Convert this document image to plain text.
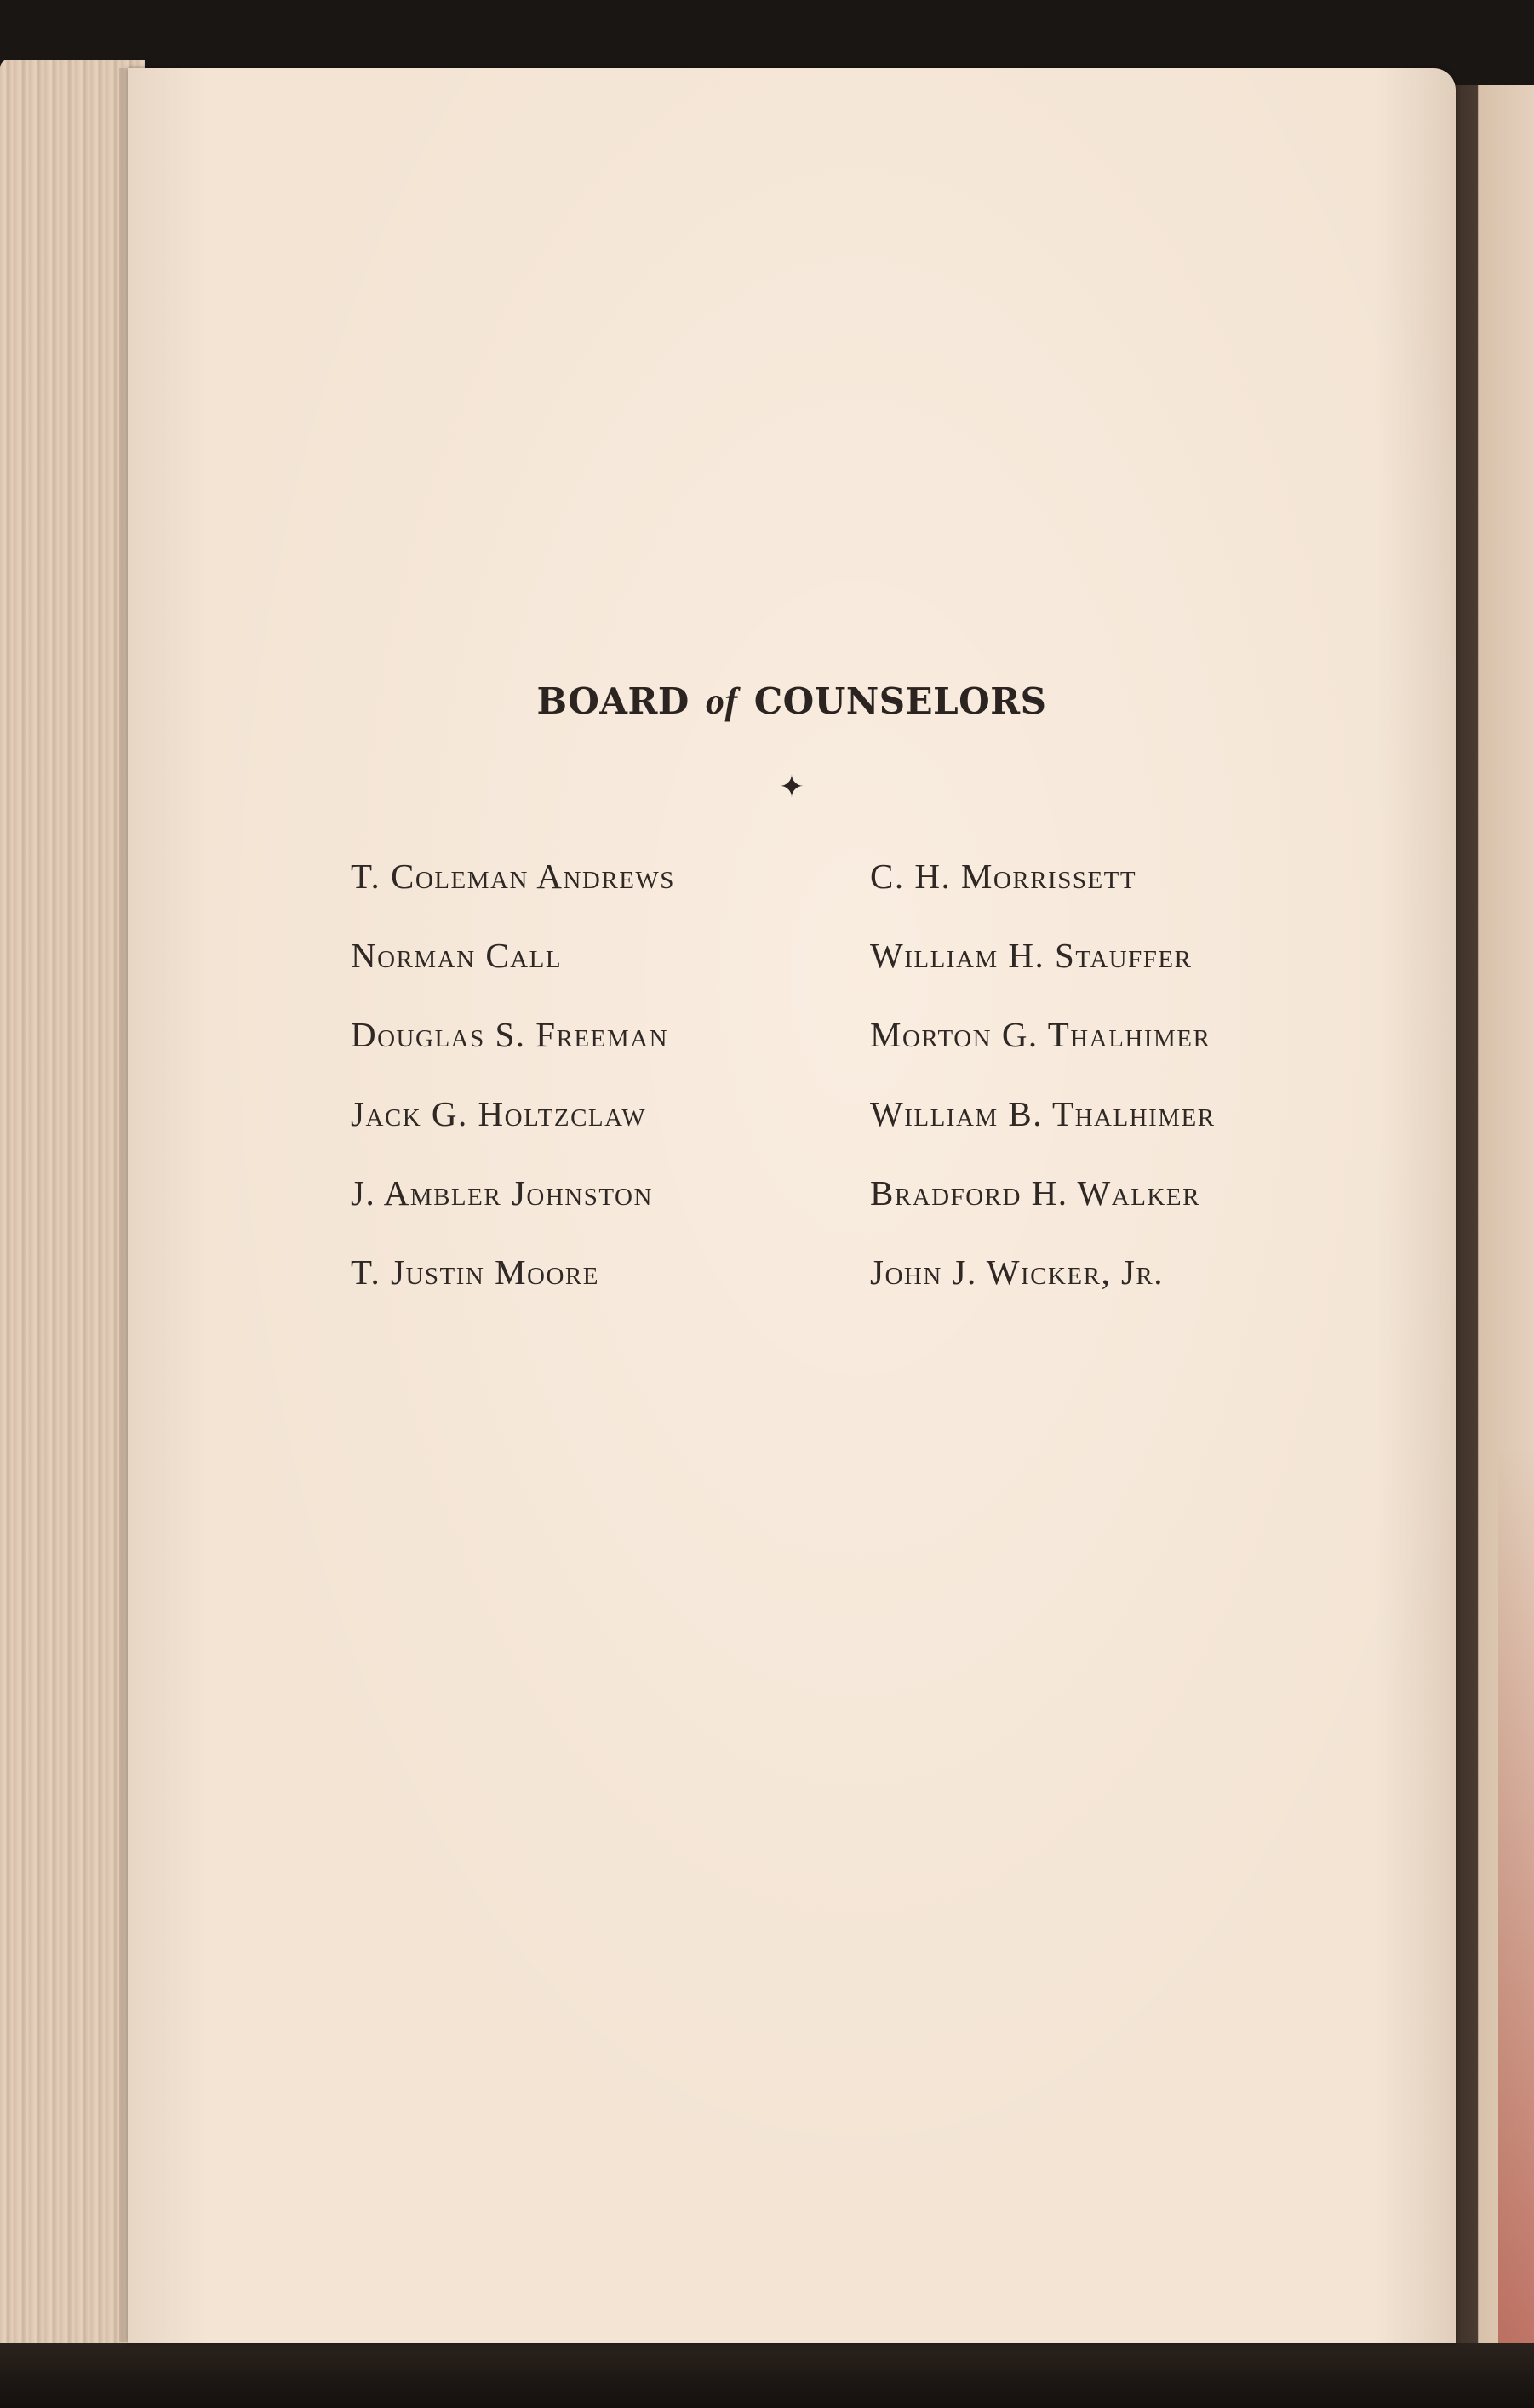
BOARD of COUNSELORS
✦
T. Coleman Andrews
Norman Call
Douglas S. Freeman
Jack G. Holtzclaw
J. Ambler Johnston
T. Justin Moore
C. H. Morrissett
William H. Stauffer
Morton G. Thalhimer
William B. Thalhimer
Bradford H. Walker
John J. Wicker, Jr.
